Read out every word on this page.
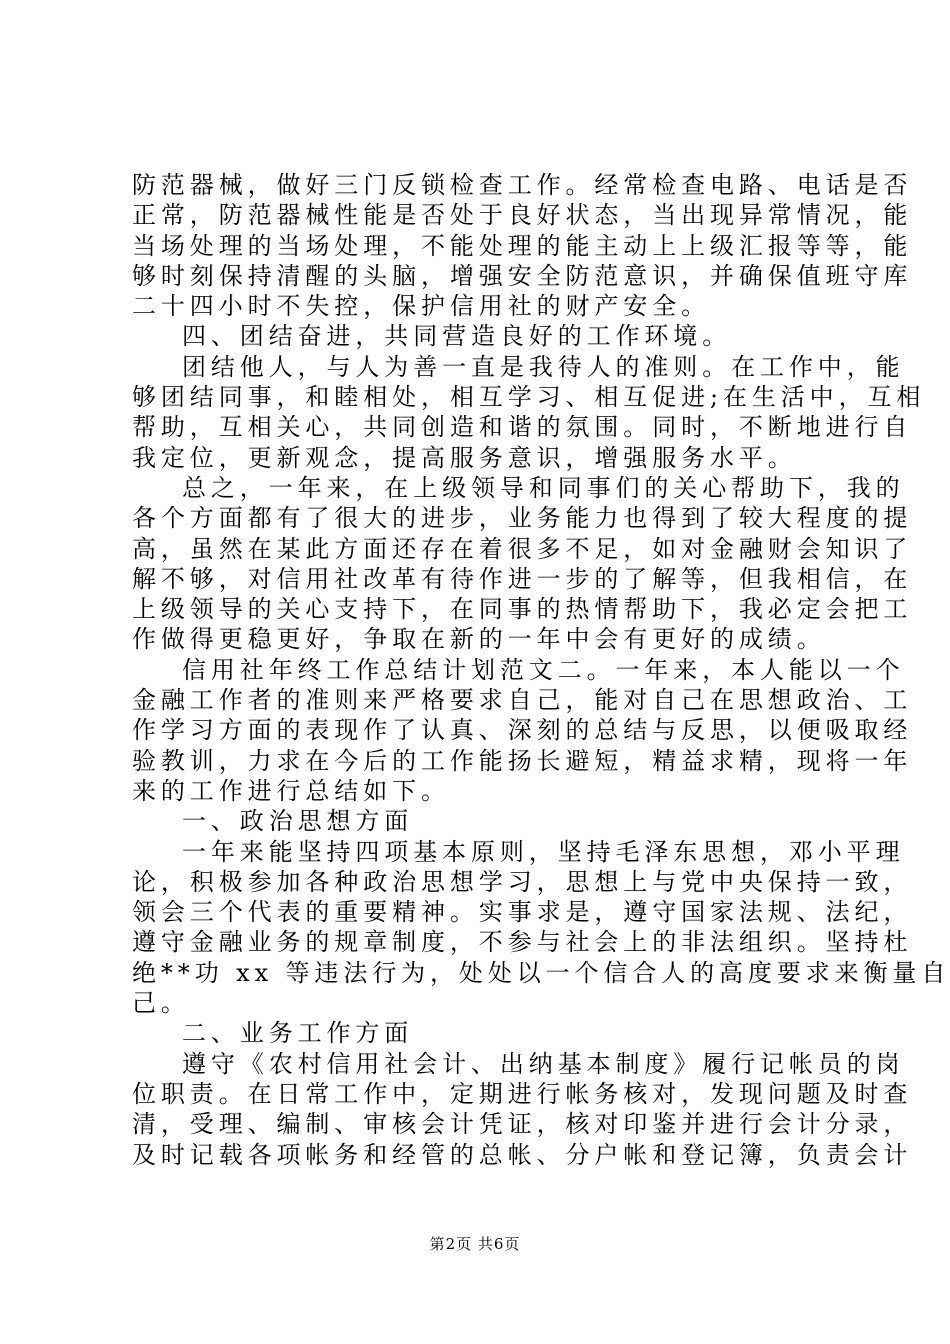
防范器械，做好三门反锁检查工作。经常检查电路、电话是否
正常，防范器械性能是否处于良好状态，当出现异常情况，能
当场处理的当场处理，不能处理的能主动上上级汇报等等，能
够时刻保持清醒的头脑，增强安全防范意识，并确保值班守库
二十四小时不失控，保护信用社的财产安全。
四、团结奋进，共同营造良好的工作环境。
团结他人，与人为善一直是我待人的准则。在工作中，能
够团结同事，和睦相处，相互学习、相互促进;在生活中，互相
帮助，互相关心，共同创造和谐的氛围。同时，不断地进行自
我定位，更新观念，提高服务意识，增强服务水平。
总之，一年来，在上级领导和同事们的关心帮助下，我的
各个方面都有了很大的进步，业务能力也得到了较大程度的提
高，虽然在某此方面还存在着很多不足，如对金融财会知识了
解不够，对信用社改革有待作进一步的了解等，但我相信，在
上级领导的关心支持下，在同事的热情帮助下，我必定会把工
作做得更稳更好，争取在新的一年中会有更好的成绩。
信用社年终工作总结计划范文二。一年来，本人能以一个
金融工作者的准则来严格要求自己，能对自己在思想政治、工
作学习方面的表现作了认真、深刻的总结与反思，以便吸取经
验教训，力求在今后的工作能扬长避短，精益求精，现将一年
来的工作进行总结如下。
一、政治思想方面
一年来能坚持四项基本原则，坚持毛泽东思想，邓小平理
论，积极参加各种政治思想学习，思想上与党中央保持一致，
领会三个代表的重要精神。实事求是，遵守国家法规、法纪，
遵守金融业务的规章制度，不参与社会上的非法组织。坚持杜
绝**功 xx 等违法行为，处处以一个信合人的高度要求来衡量自
己。
二、业务工作方面
遵守《农村信用社会计、出纳基本制度》履行记帐员的岗
位职责。在日常工作中，定期进行帐务核对，发现问题及时查
清，受理、编制、审核会计凭证，核对印鉴并进行会计分录，
及时记载各项帐务和经管的总帐、分户帐和登记簿，负责会计
第2页 共6页
